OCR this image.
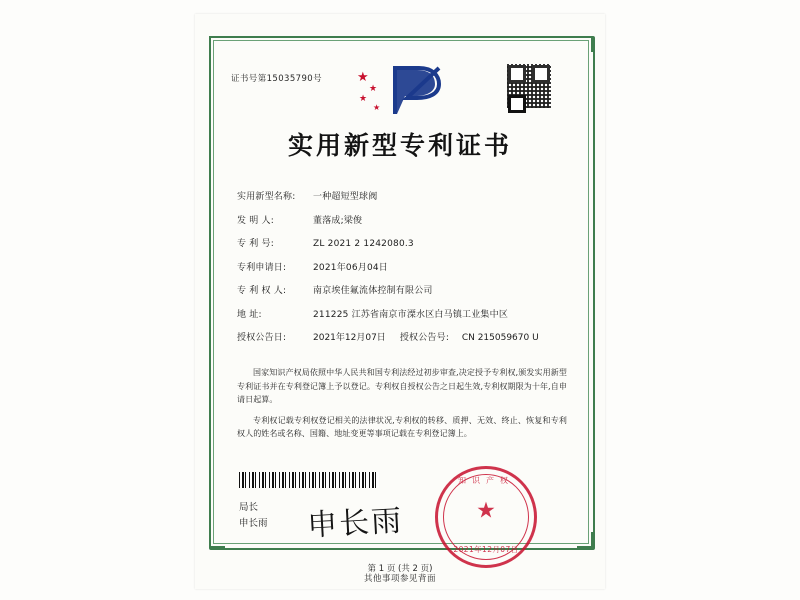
证书号第15035790号	★
★
★
★
实用新型专利证书
实用新型名称:	一种超短型球阀
发 明 人:	董落成;梁俊
专 利 号:	ZL 2021 2 1242080.3
专利申请日:	2021年06月04日
专 利 权 人:	南京埃佳氟流体控制有限公司
地 址:	211225 江苏省南京市溧水区白马镇工业集中区
授权公告日:	2021年12月07日	授权公告号:	CN 215059670 U

国家知识产权局依照中华人民共和国专利法经过初步审查,决定授予专利权,颁发实用新型专利证书并在专利登记簿上予以登记。专利权自授权公告之日起生效,专利权期限为十年,自申请日起算。

专利权记载专利权登记相关的法律状况,专利权的转移、质押、无效、终止、恢复和专利权人的姓名或名称、国籍、地址变更等事项记载在专利登记簿上。

局长
申长雨 申长雨
知识产权
★
2021年12月07日
第 1 页 (共 2 页)
其他事项参见背面
